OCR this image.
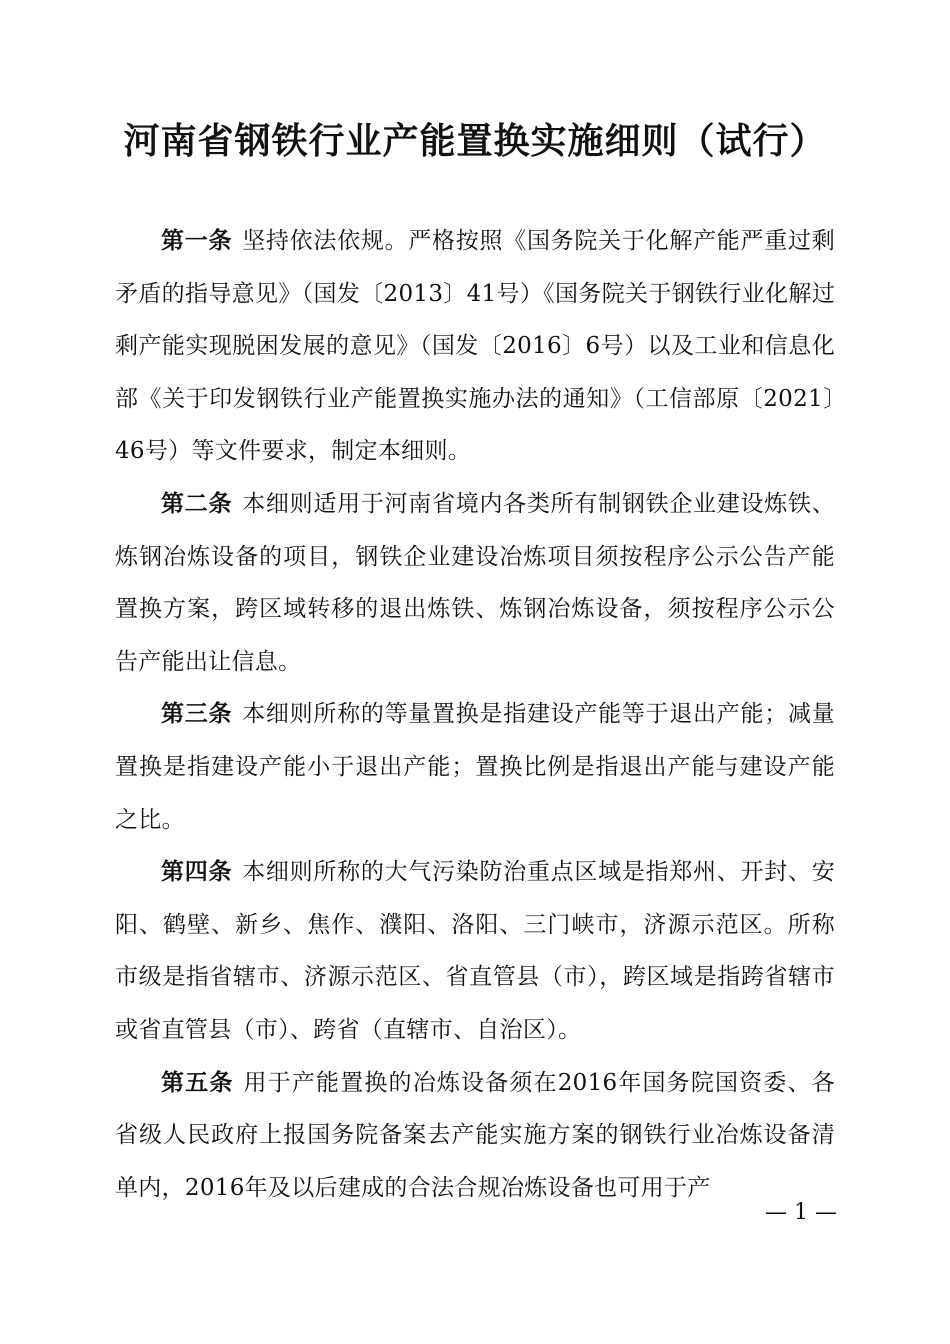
河南省钢铁行业产能置换实施细则（试行）

第一条 坚持依法依规。严格按照《国务院关于化解产能严重过剩矛盾的指导意见》（国发〔2013〕41号）《国务院关于钢铁行业化解过剩产能实现脱困发展的意见》（国发〔2016〕6号）以及工业和信息化部《关于印发钢铁行业产能置换实施办法的通知》（工信部原〔2021〕46号）等文件要求，制定本细则。

第二条 本细则适用于河南省境内各类所有制钢铁企业建设炼铁、炼钢冶炼设备的项目，钢铁企业建设冶炼项目须按程序公示公告产能置换方案，跨区域转移的退出炼铁、炼钢冶炼设备，须按程序公示公告产能出让信息。

第三条 本细则所称的等量置换是指建设产能等于退出产能；减量置换是指建设产能小于退出产能；置换比例是指退出产能与建设产能之比。

第四条 本细则所称的大气污染防治重点区域是指郑州、开封、安阳、鹤壁、新乡、焦作、濮阳、洛阳、三门峡市，济源示范区。所称市级是指省辖市、济源示范区、省直管县（市），跨区域是指跨省辖市或省直管县（市）、跨省（直辖市、自治区）。

第五条 用于产能置换的冶炼设备须在2016年国务院国资委、各省级人民政府上报国务院备案去产能实施方案的钢铁行业冶炼设备清单内，2016年及以后建成的合法合规冶炼设备也可用于产

— 1 —
